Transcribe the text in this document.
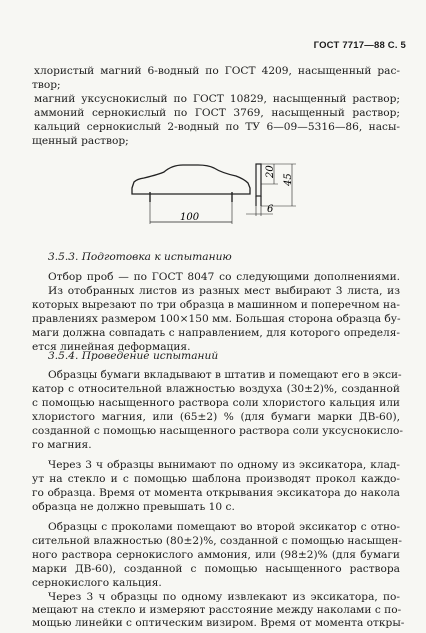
ГОСТ 7717—88 С. 5
хлористый магний 6-водный по ГОСТ 4209, насыщенный рас-
твор;
магний уксуснокислый по ГОСТ 10829, насыщенный раствор;
аммоний сернокислый по ГОСТ 3769, насыщенный раствор;
кальций сернокислый 2-водный по ТУ 6—09—5316—86, наcы-
щенный раствор;
100
20
45
6
3.5.3. Подготовка к испытанию
Отбор проб — по ГОСТ 8047 со следующими дополнениями.
Из отобранных листов из разных мест выбирают 3 листа, из
которых вырезают по три образца в машинном и поперечном на-
правлениях размером 100×150 мм. Большая сторона образца бу-
маги должна совпадать с направлением, для которого определя-
ется линейная деформация.
3.5.4. Проведение испытаний
Образцы бумаги вкладывают в штатив и помещают его в экси-
катор с относительной влажностью воздуха (30±2)%, созданной
с помощью насыщенного раствора соли хлористого кальция или
хлористого магния, или (65±2) % (для бумаги марки ДВ-60),
созданной с помощью насыщенного раствора соли уксуснокисло-
го магния.
Через 3 ч образцы вынимают по одному из эксикатора, клад-
ут на стекло и с помощью шаблона производят прокол каждо-
го образца. Время от момента открывания эксикатора до накола
образца не должно превышать 10 с.
Образцы с проколами помещают во второй эксикатор с отно-
сительной влажностью (80±2)%, созданной с помощью насыщен-
ного раствора сернокислого аммония, или (98±2)% (для бумаги
марки ДВ-60), созданной с помощью насыщенного раствора
сернокислого кальция.
Через 3 ч образцы по одному извлекают из эксикатора, по-
мещают на стекло и измеряют расстояние между наколами с по-
мощью линейки с оптическим визиром. Время от момента откры-
